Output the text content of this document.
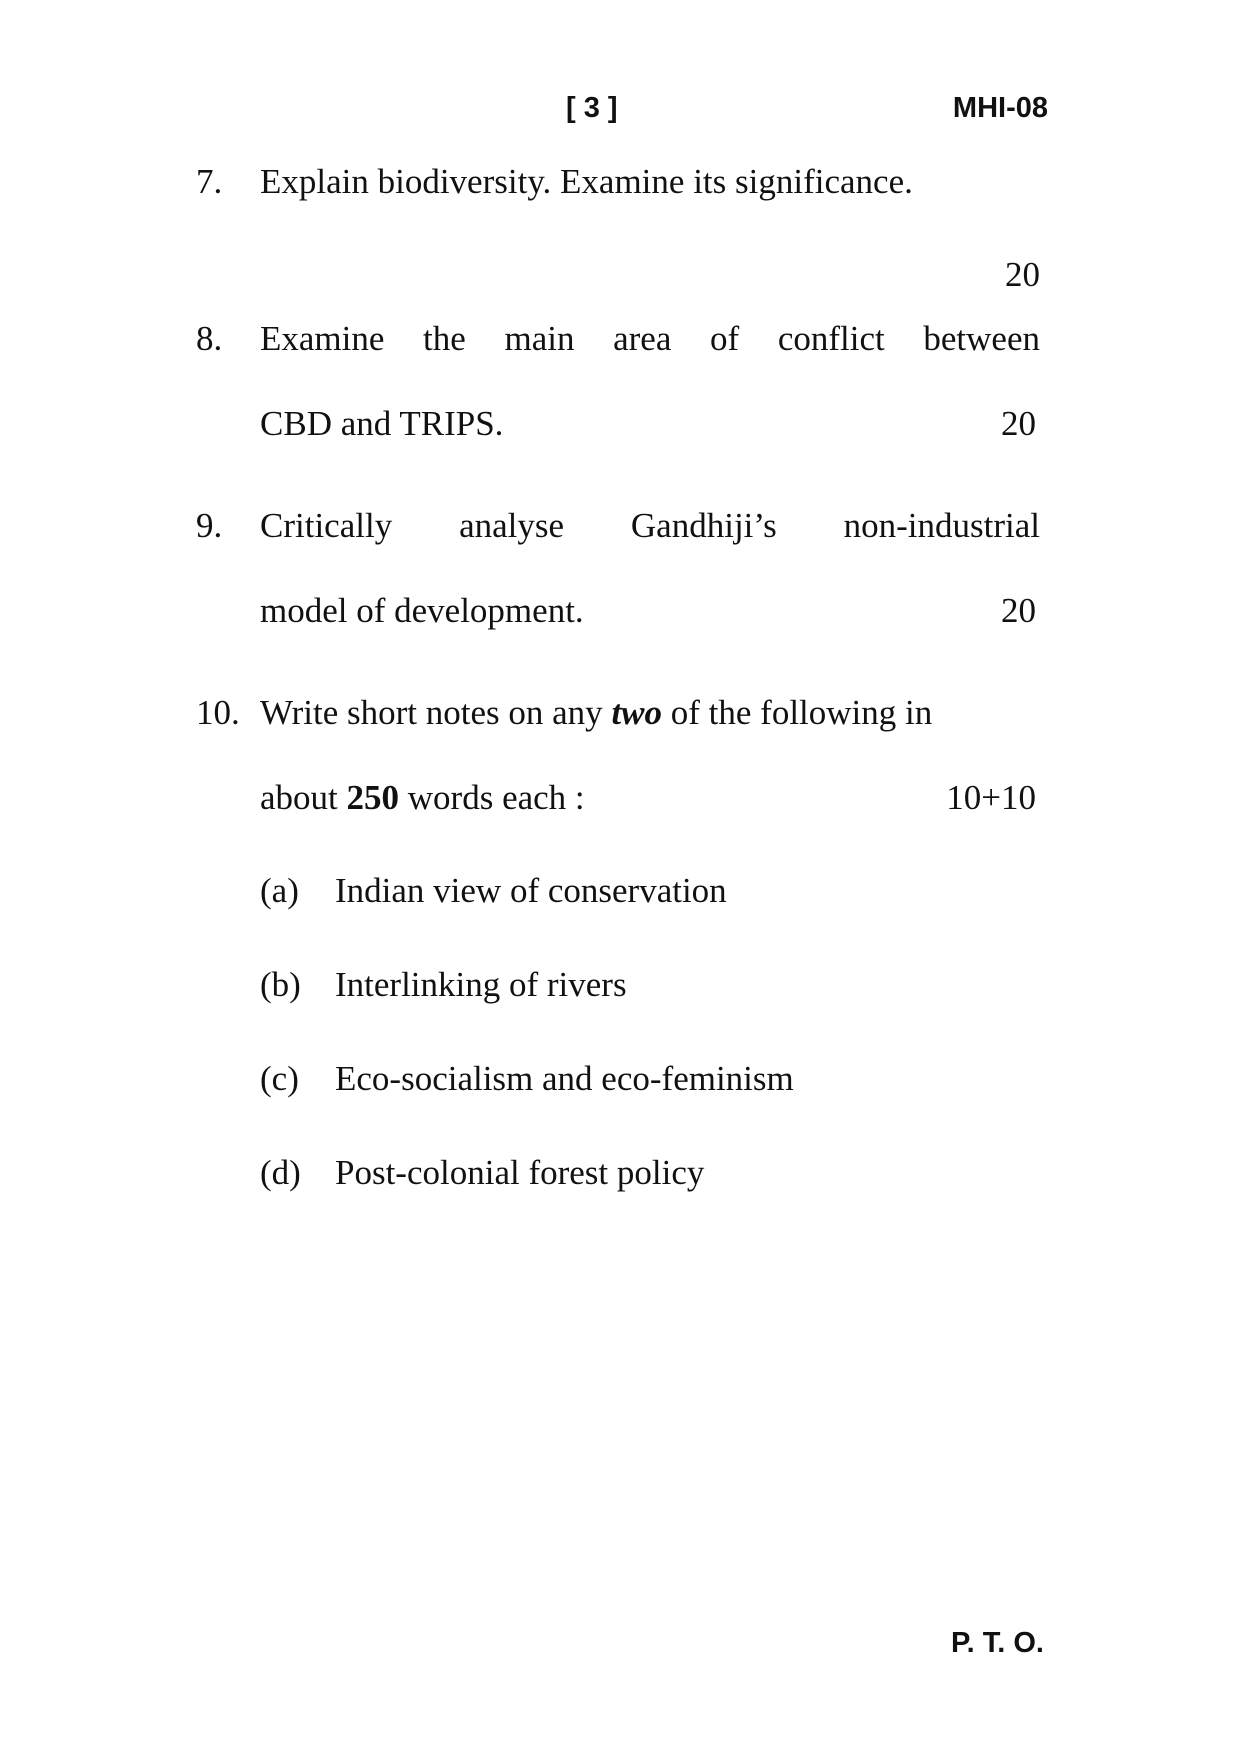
[ 3 ]	MHI-08
7. Explain biodiversity. Examine its significance.
20
8. Examine the main area of conflict between
CBD and TRIPS.	20
9. Critically analyse Gandhiji’s non-industrial
model of development.	20
10. Write short notes on any two of the following in
about 250 words each :	10+10
(a) Indian view of conservation
(b) Interlinking of rivers
(c) Eco-socialism and eco-feminism
(d) Post-colonial forest policy
P. T. O.
